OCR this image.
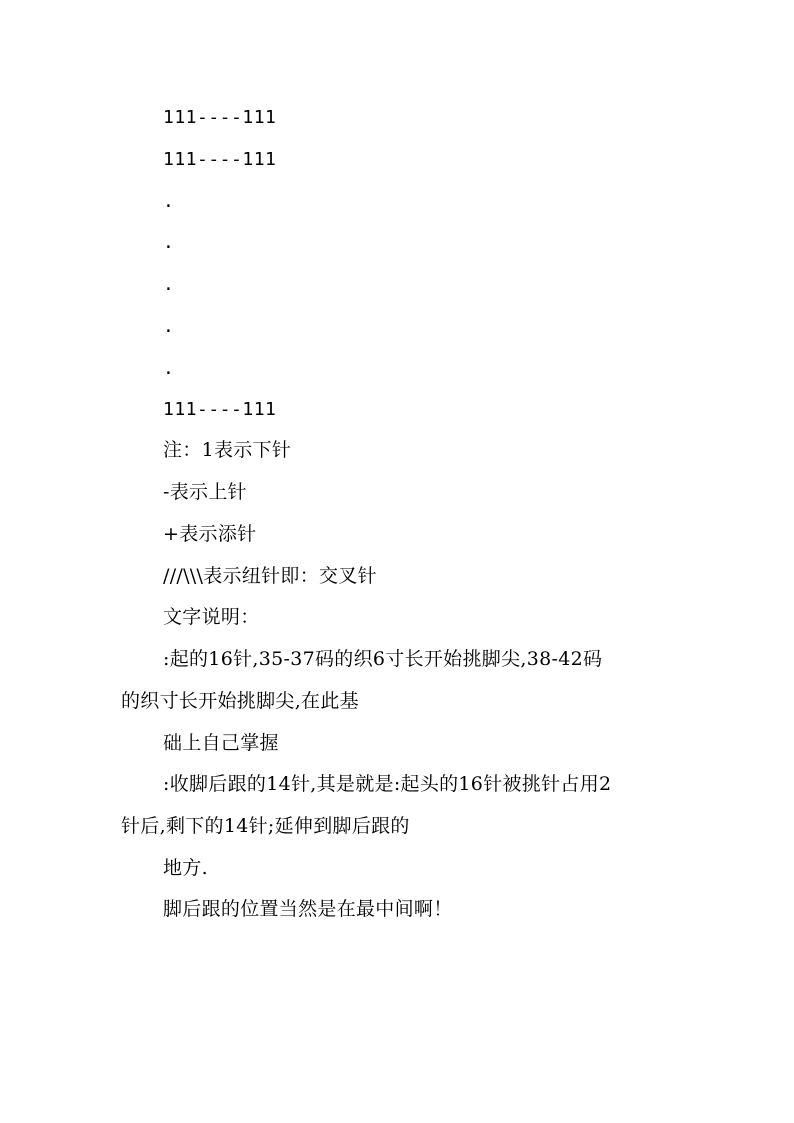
111----111
111----111
.
.
.
.
.
111----111
注：1表示下针
-表示上针
+表示添针
///\\\表示纽针即：交叉针
文字说明：
:起的16针,35-37码的织6寸长开始挑脚尖,38-42码
的织寸长开始挑脚尖,在此基
础上自己掌握
:收脚后跟的14针,其是就是:起头的16针被挑针占用2
针后,剩下的14针;延伸到脚后跟的
地方.
脚后跟的位置当然是在最中间啊！
